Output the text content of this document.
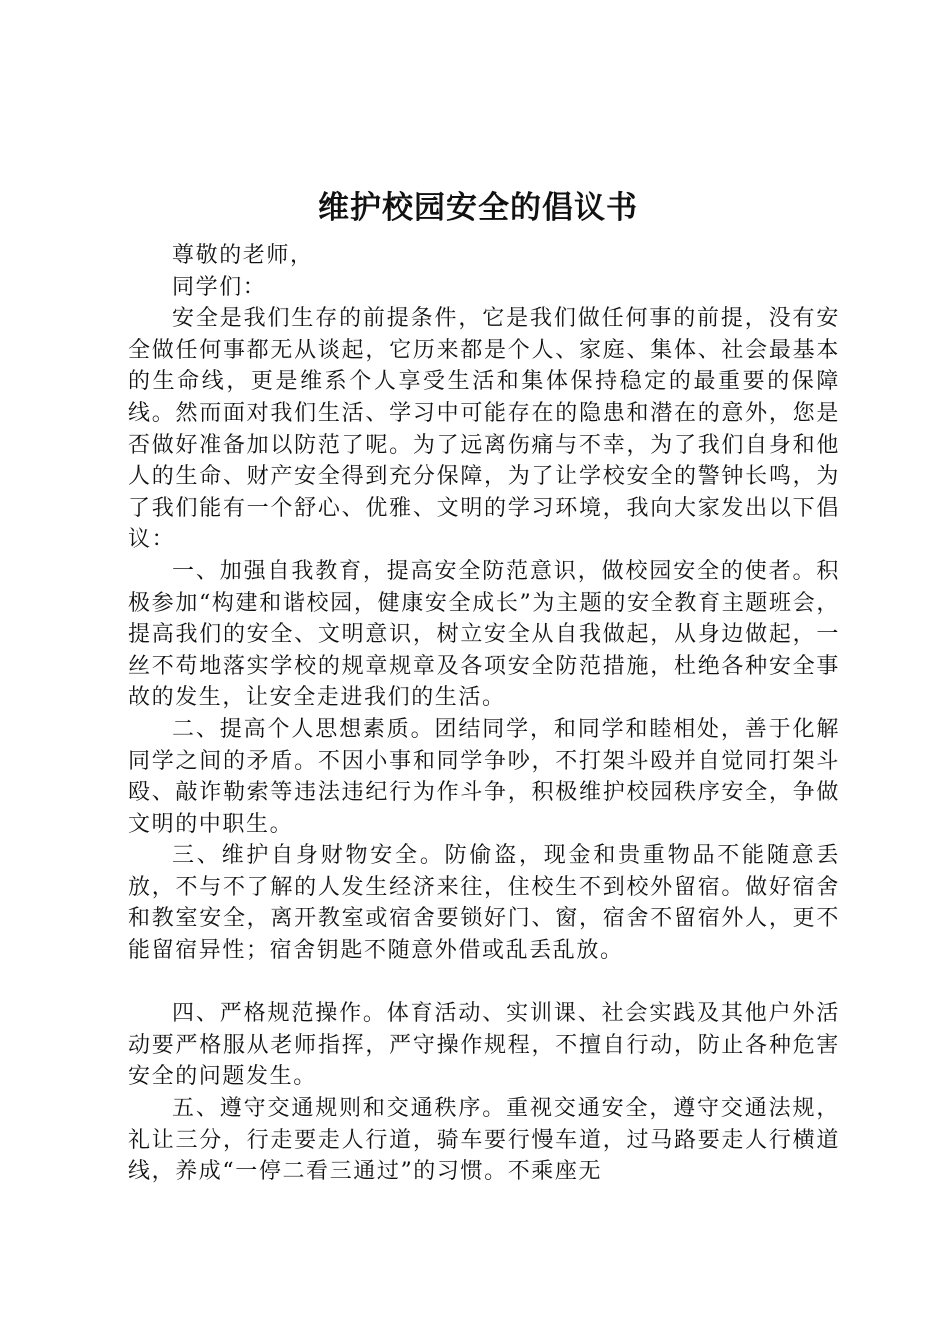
维护校园安全的倡议书

尊敬的老师，

同学们：

安全是我们生存的前提条件，它是我们做任何事的前提，没有安全做任何事都无从谈起，它历来都是个人、家庭、集体、社会最基本的生命线，更是维系个人享受生活和集体保持稳定的最重要的保障线。然而面对我们生活、学习中可能存在的隐患和潜在的意外，您是否做好准备加以防范了呢。为了远离伤痛与不幸，为了我们自身和他人的生命、财产安全得到充分保障，为了让学校安全的警钟长鸣，为了我们能有一个舒心、优雅、文明的学习环境，我向大家发出以下倡议：

一、加强自我教育，提高安全防范意识，做校园安全的使者。积极参加“构建和谐校园，健康安全成长”为主题的安全教育主题班会，提高我们的安全、文明意识，树立安全从自我做起，从身边做起，一丝不苟地落实学校的规章规章及各项安全防范措施，杜绝各种安全事故的发生，让安全走进我们的生活。

二、提高个人思想素质。团结同学，和同学和睦相处，善于化解同学之间的矛盾。不因小事和同学争吵，不打架斗殴并自觉同打架斗殴、敲诈勒索等违法违纪行为作斗争，积极维护校园秩序安全，争做文明的中职生。

三、维护自身财物安全。防偷盗，现金和贵重物品不能随意丢放，不与不了解的人发生经济来往，住校生不到校外留宿。做好宿舍和教室安全，离开教室或宿舍要锁好门、窗，宿舍不留宿外人，更不能留宿异性；宿舍钥匙不随意外借或乱丢乱放。

四、严格规范操作。体育活动、实训课、社会实践及其他户外活动要严格服从老师指挥，严守操作规程，不擅自行动，防止各种危害安全的问题发生。

五、遵守交通规则和交通秩序。重视交通安全，遵守交通法规，礼让三分，行走要走人行道，骑车要行慢车道，过马路要走人行横道线，养成“一停二看三通过”的习惯。不乘座无
